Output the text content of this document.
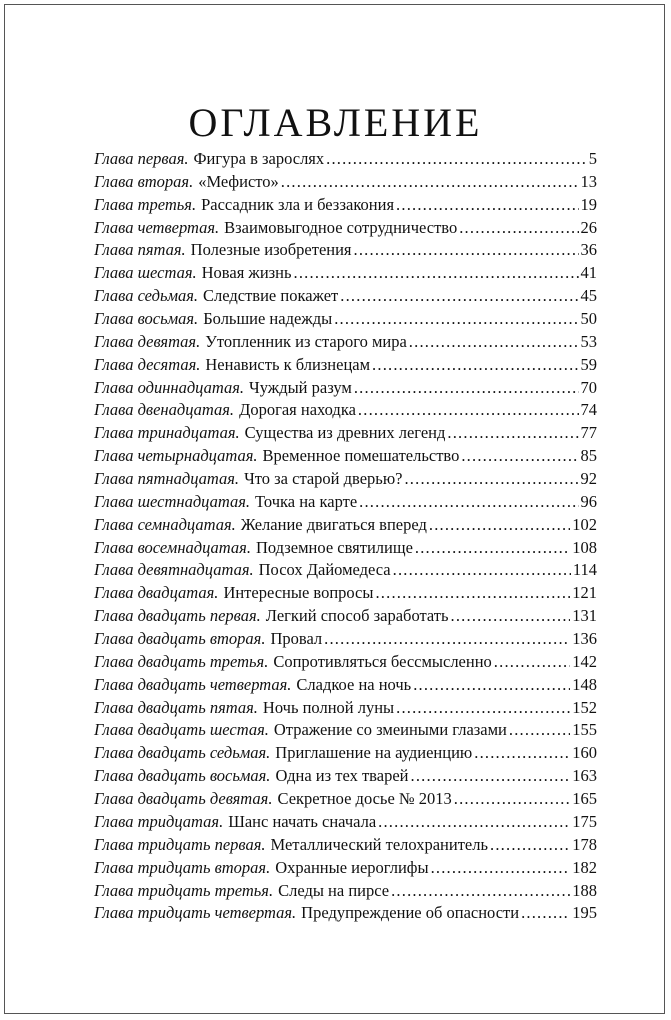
ОГЛАВЛЕНИЕ
Глава первая. Фигура в зарослях .....	5
Глава вторая. «Мефисто» .....	13
Глава третья. Рассадник зла и беззакония .....	19
Глава четвертая. Взаимовыгодное сотрудничество .....	26
Глава пятая. Полезные изобретения .....	36
Глава шестая. Новая жизнь .....	41
Глава седьмая. Следствие покажет .....	45
Глава восьмая. Большие надежды .....	50
Глава девятая. Утопленник из старого мира .....	53
Глава десятая. Ненависть к близнецам .....	59
Глава одиннадцатая. Чуждый разум .....	70
Глава двенадцатая. Дорогая находка .....	74
Глава тринадцатая. Существа из древних легенд .....	77
Глава четырнадцатая. Временное помешательство .....	85
Глава пятнадцатая. Что за старой дверью? .....	92
Глава шестнадцатая. Точка на карте .....	96
Глава семнадцатая. Желание двигаться вперед .....	102
Глава восемнадцатая. Подземное святилище .....	108
Глава девятнадцатая. Посох Дайомедеса .....	114
Глава двадцатая. Интересные вопросы .....	121
Глава двадцать первая. Легкий способ заработать .....	131
Глава двадцать вторая. Провал .....	136
Глава двадцать третья. Сопротивляться бессмысленно .....	142
Глава двадцать четвертая. Сладкое на ночь .....	148
Глава двадцать пятая. Ночь полной луны .....	152
Глава двадцать шестая. Отражение со змеиными глазами .....	155
Глава двадцать седьмая. Приглашение на аудиенцию .....	160
Глава двадцать восьмая. Одна из тех тварей .....	163
Глава двадцать девятая. Секретное досье № 2013 .....	165
Глава тридцатая. Шанс начать сначала .....	175
Глава тридцать первая. Металлический телохранитель .....	178
Глава тридцать вторая. Охранные иероглифы .....	182
Глава тридцать третья. Следы на пирсе .....	188
Глава тридцать четвертая. Предупреждение об опасности .....	195
